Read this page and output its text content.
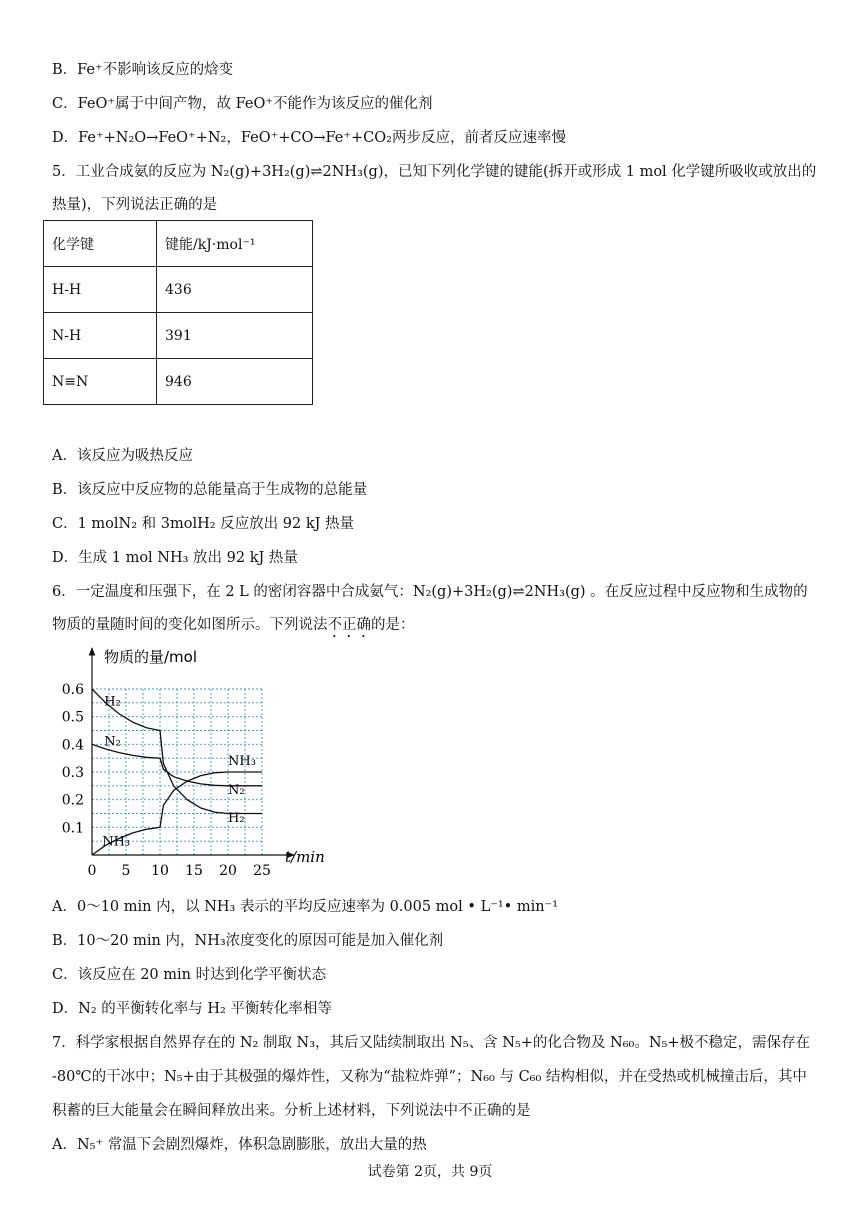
B．Fe⁺不影响该反应的焓变
C．FeO⁺属于中间产物，故 FeO⁺不能作为该反应的催化剂
D．Fe⁺+N₂O→FeO⁺+N₂，FeO⁺+CO→Fe⁺+CO₂两步反应，前者反应速率慢
5．工业合成氨的反应为 N₂(g)+3H₂(g)⇌2NH₃(g)，已知下列化学键的键能(拆开或形成 1 mol 化学键所吸收或放出的
热量)，下列说法正确的是
化学键	键能/kJ·mol⁻¹
H-H	436
N-H	391
N≡N	946
A．该反应为吸热反应
B．该反应中反应物的总能量高于生成物的总能量
C．1 molN₂ 和 3molH₂ 反应放出 92 kJ 热量
D．生成 1 mol NH₃ 放出 92 kJ 热量
6．一定温度和压强下，在 2 L 的密闭容器中合成氨气：N₂(g)+3H₂(g)⇌2NH₃(g) 。在反应过程中反应物和生成物的
物质的量随时间的变化如图所示。下列说法不正确的是：
物质的量/mol
t/min
0 5 10 15 20 25
0.1
0.2
0.3
0.4
0.5
0.6
H₂
N₂
NH₃
NH₃
N₂
H₂
A．0～10 min 内，以 NH₃ 表示的平均反应速率为 0.005 mol • L⁻¹• min⁻¹
B．10～20 min 内，NH₃浓度变化的原因可能是加入催化剂
C．该反应在 20 min 时达到化学平衡状态
D．N₂ 的平衡转化率与 H₂ 平衡转化率相等
7．科学家根据自然界存在的 N₂ 制取 N₃，其后又陆续制取出 N₅、含 N₅+的化合物及 N₆₀。N₅+极不稳定，需保存在
-80℃的干冰中；N₅+由于其极强的爆炸性，又称为“盐粒炸弹”；N₆₀ 与 C₆₀ 结构相似，并在受热或机械撞击后，其中
积蓄的巨大能量会在瞬间释放出来。分析上述材料，下列说法中不正确的是
A．N₅⁺ 常温下会剧烈爆炸，体积急剧膨胀，放出大量的热
试卷第 2页，共 9页
